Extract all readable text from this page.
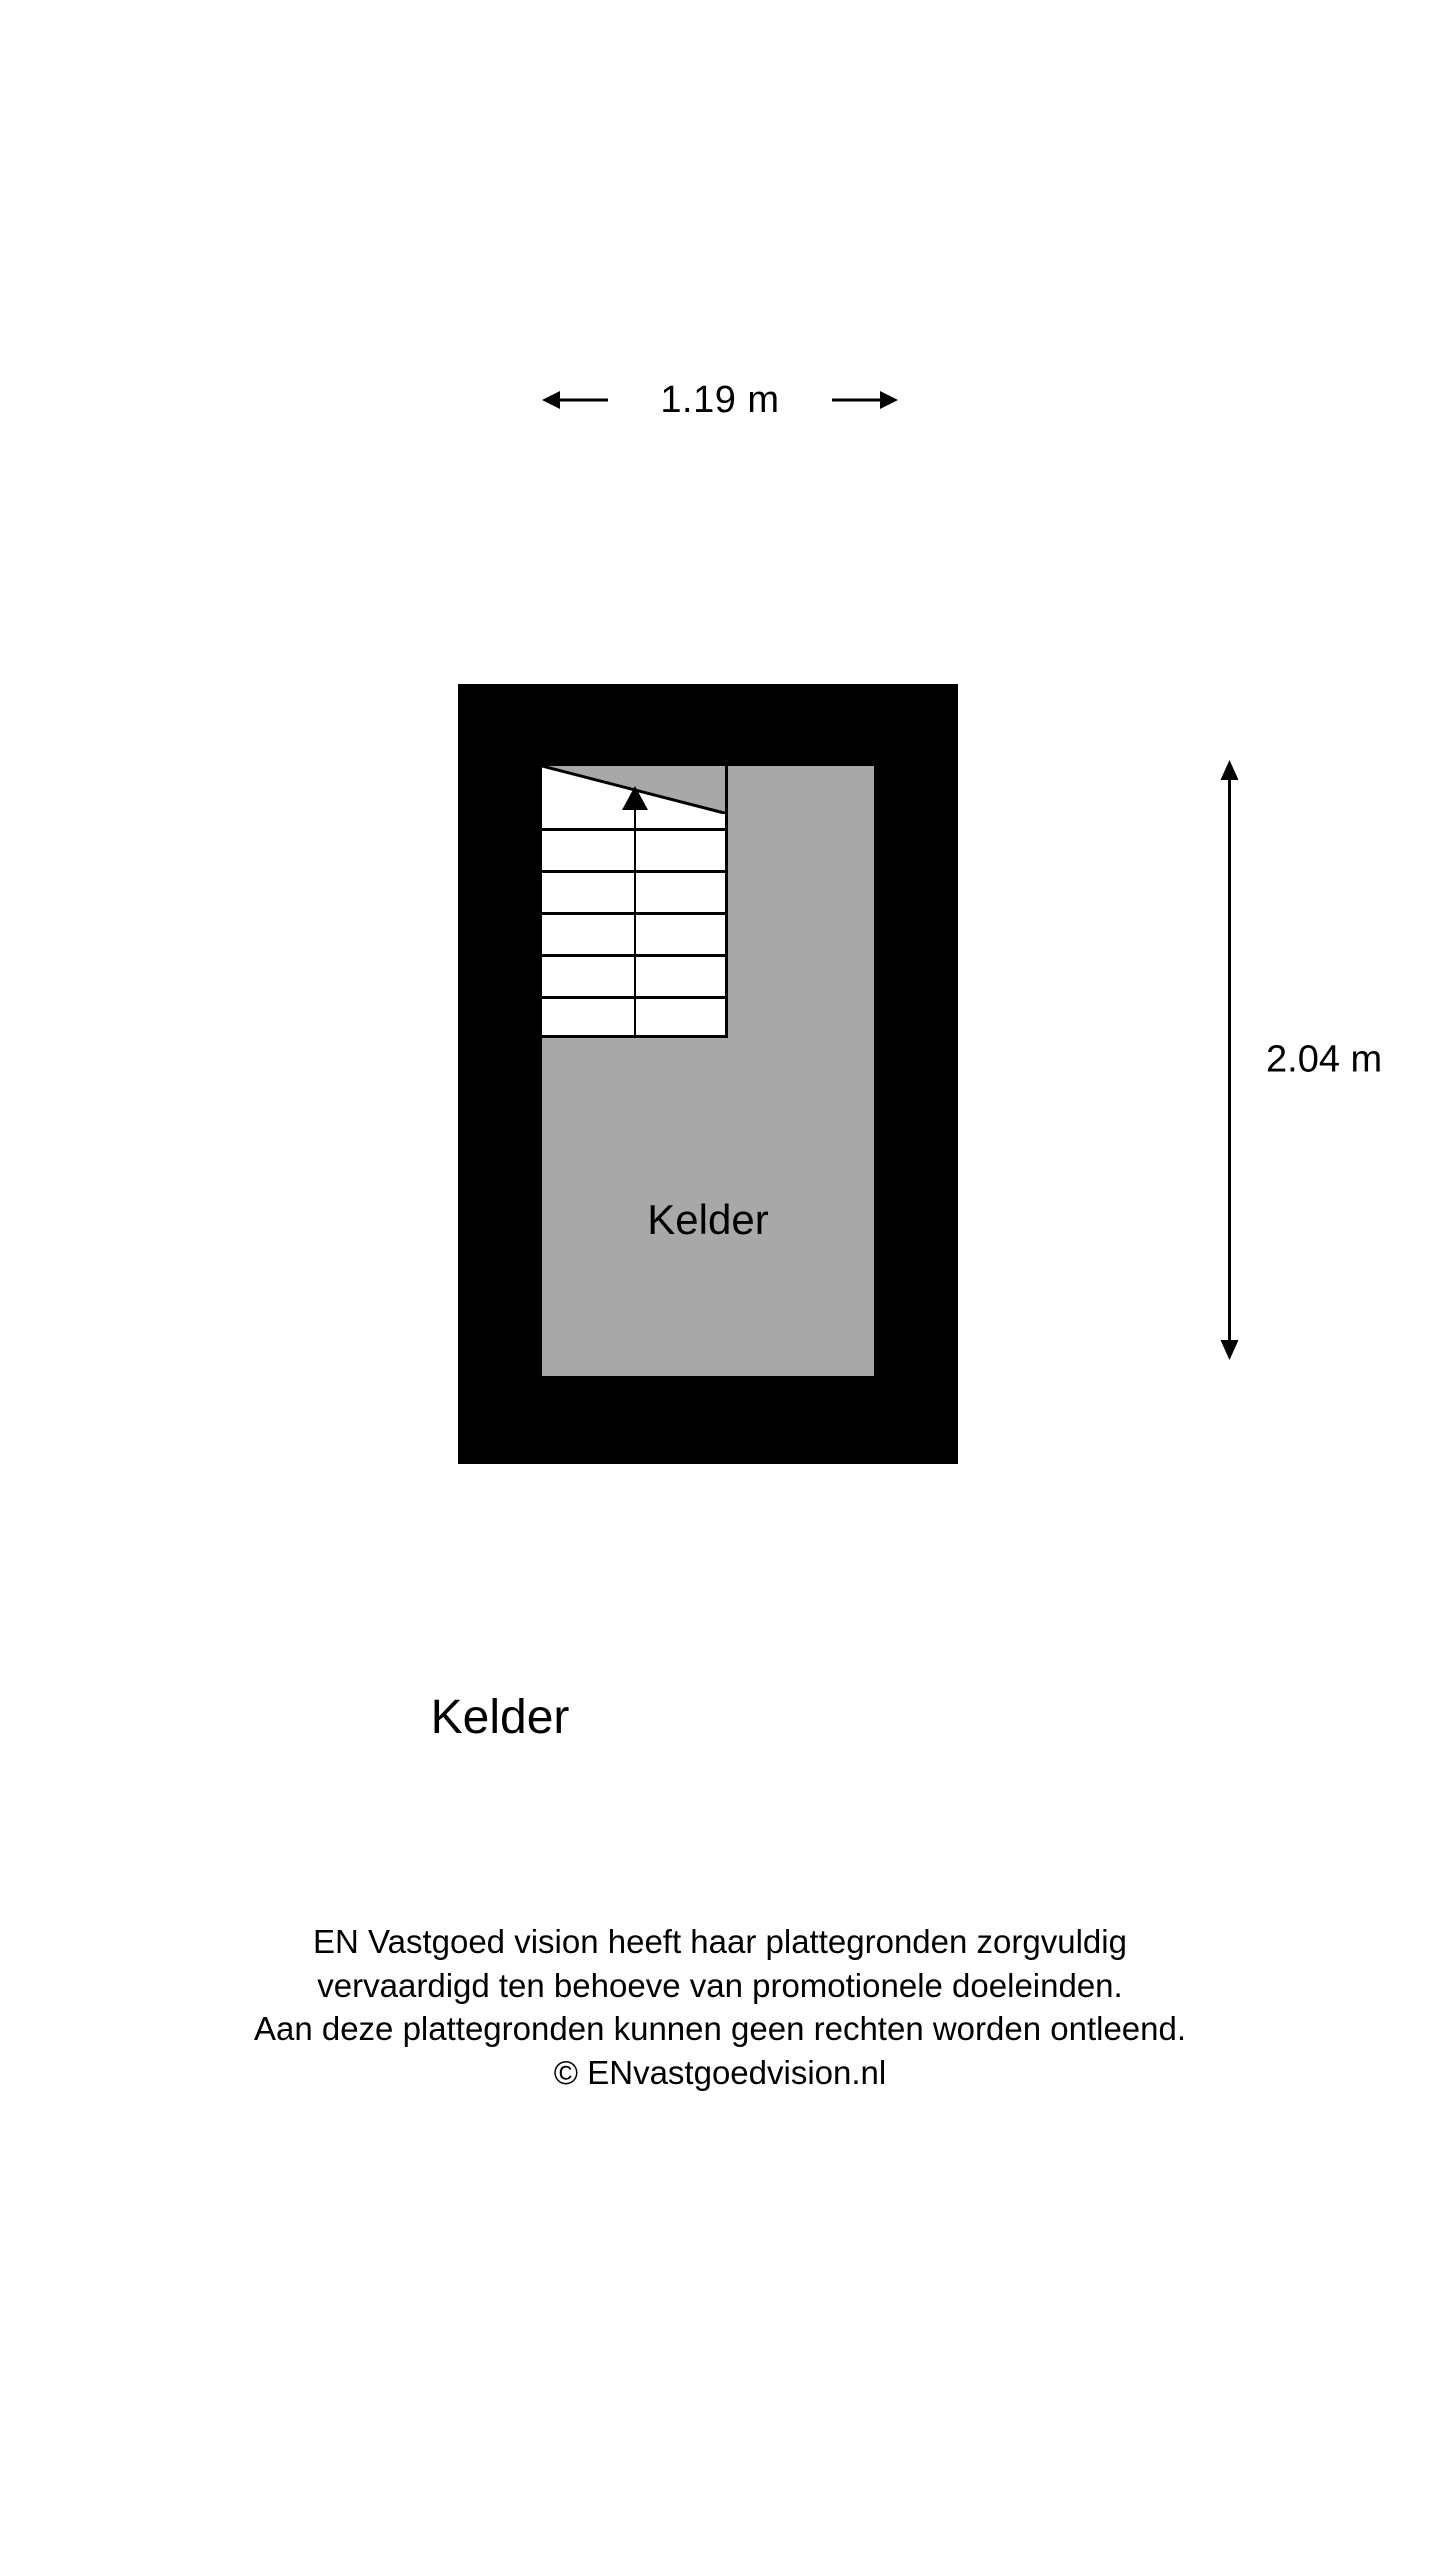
1.19 m
2.04 m
Kelder
Kelder
EN Vastgoed vision heeft haar plattegronden zorgvuldig
vervaardigd ten behoeve van promotionele doeleinden.
Aan deze plattegronden kunnen geen rechten worden ontleend.
© ENvastgoedvision.nl
